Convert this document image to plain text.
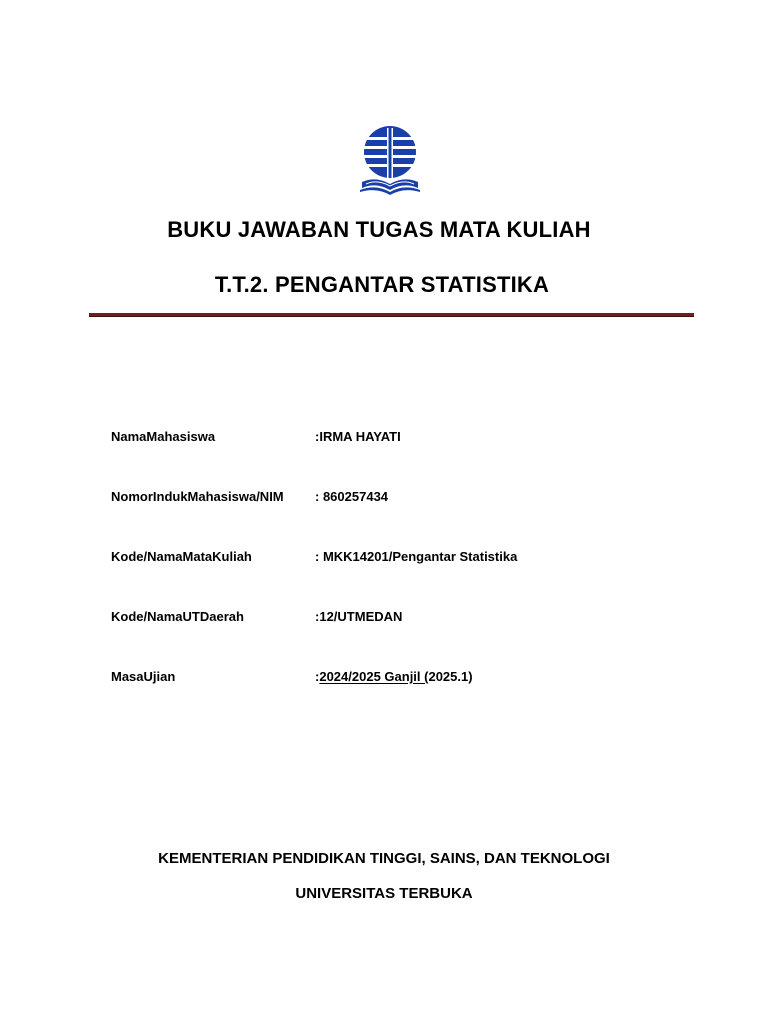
BUKU JAWABAN TUGAS MATA KULIAH
T.T.2. PENGANTAR STATISTIKA
NamaMahasiswa	:IRMA HAYATI
NomorIndukMahasiswa/NIM : 860257434
Kode/NamaMataKuliah	: MKK14201/Pengantar Statistika
Kode/NamaUTDaerah	:12/UTMEDAN
MasaUjian	:2024/2025 Ganjil (2025.1)
KEMENTERIAN PENDIDIKAN TINGGI, SAINS, DAN TEKNOLOGI
UNIVERSITAS TERBUKA
